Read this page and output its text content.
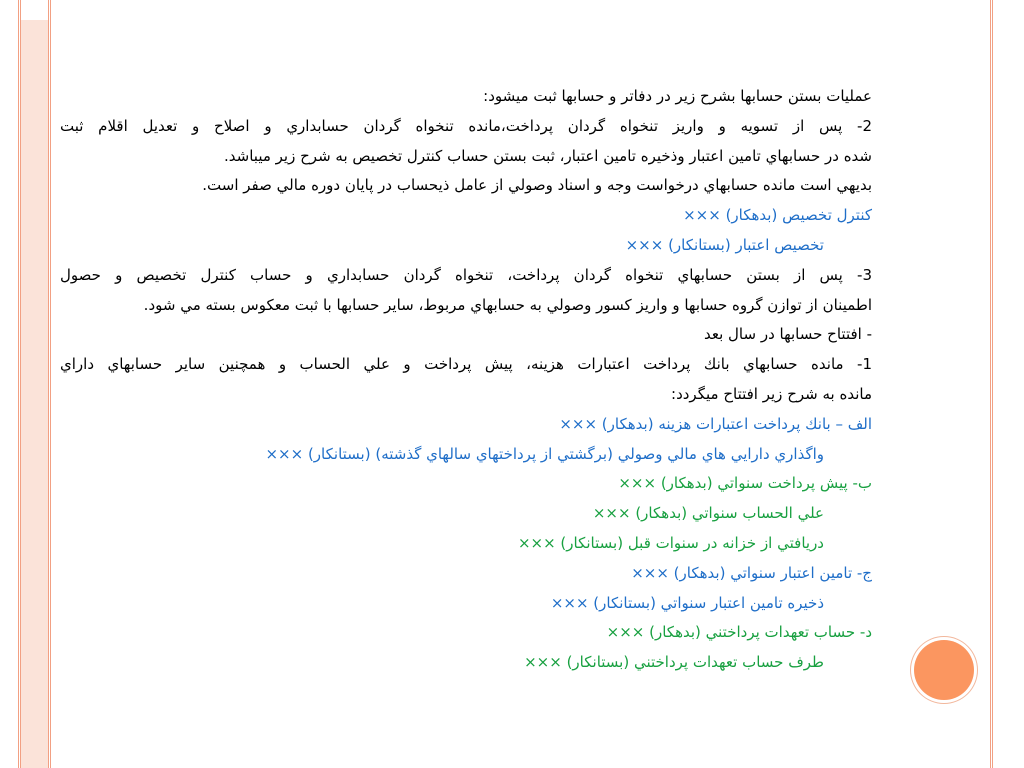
عمليات بستن حسابها بشرح زير در دفاتر و حسابها ثبت ميشود:
2- پس از تسويه و واريز تنخواه گردان پرداخت،مانده تنخواه گردان حسابداري و اصلاح و تعديل اقلام ثبت
شده در حسابهاي تامين اعتبار وذخيره تامين اعتبار، ثبت بستن حساب كنترل تخصيص به شرح زير ميباشد.
بديهي است مانده حسابهاي درخواست وجه و اسناد وصولي از عامل ذيحساب در پايان دوره مالي صفر است.
كنترل تخصيص (بدهكار) ×××
تخصيص اعتبار (بستانكار) ×××
3- پس از بستن حسابهاي تنخواه گردان پرداخت، تنخواه گردان حسابداري و حساب كنترل تخصيص و حصول
اطمينان از توازن گروه حسابها و واريز كسور وصولي به حسابهاي مربوط، ساير حسابها با ثبت معكوس بسته مي شود.
- افتتاح حسابها در سال بعد
1- مانده حسابهاي بانك پرداخت اعتبارات هزينه، پيش پرداخت و علي الحساب و همچنين ساير حسابهاي داراي
مانده به شرح زير افتتاح ميگردد:
الف – بانك پرداخت اعتبارات هزينه (بدهكار) ×××
واگذاري دارايي هاي مالي وصولي (برگشتي از پرداختهاي سالهاي گذشته) (بستانكار) ×××
ب- پيش پرداخت سنواتي (بدهكار) ×××
علي الحساب سنواتي (بدهكار) ×××
دريافتي از خزانه در سنوات قبل (بستانكار) ×××
ج- تامين اعتبار سنواتي (بدهكار) ×××
ذخيره تامين اعتبار سنواتي (بستانكار) ×××
د- حساب تعهدات پرداختني (بدهكار) ×××
طرف حساب تعهدات پرداختني (بستانكار) ×××
